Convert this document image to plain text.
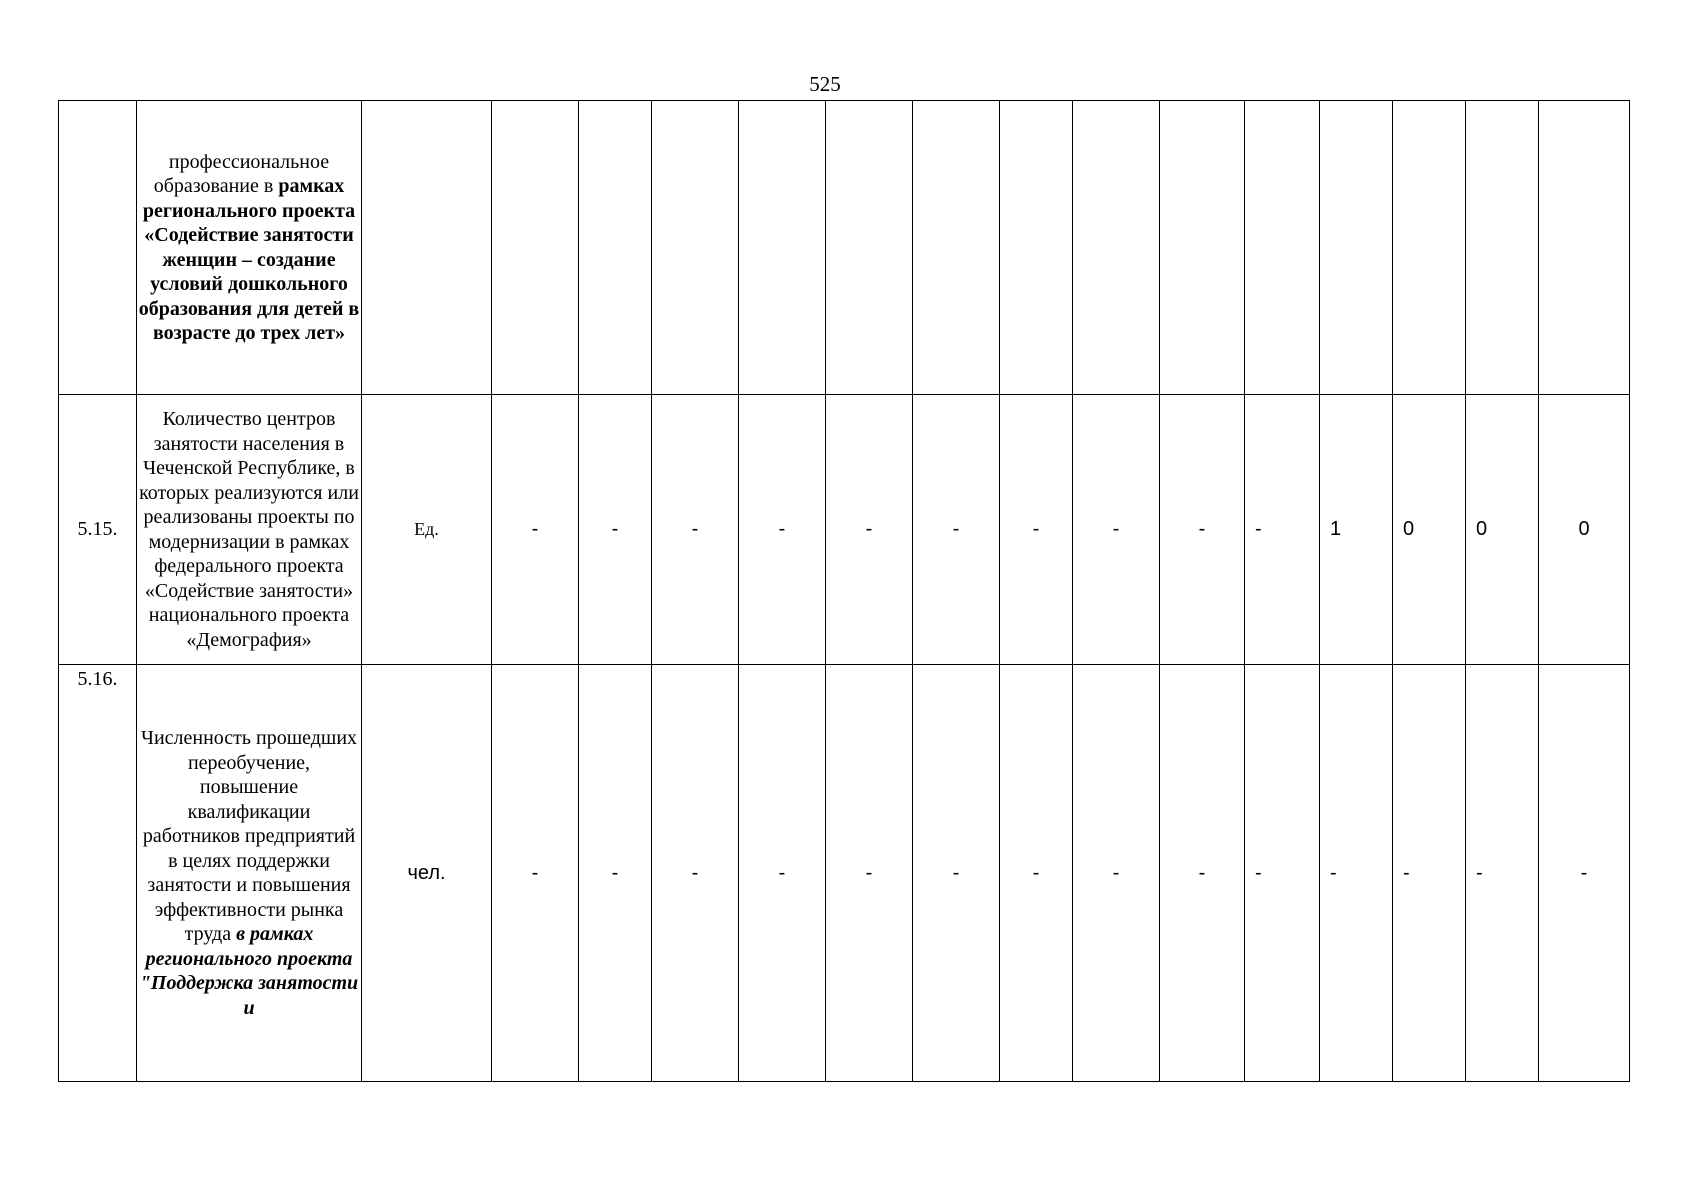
525
	профессиональное образование в рамках регионального проекта «Содействие занятости женщин – создание условий дошкольного образования для детей в возрасте до трех лет»															
5.15.	Количество центров занятости населения в Чеченской Республике, в которых реализуются или реализованы проекты по модернизации в рамках федерального проекта «Содействие занятости» национального проекта «Демография»	Ед.	-	-	-	-	-	-	-	-	-	-	1	0	0	0
5.16.	Численность прошедших переобучение, повышение квалификации работников предприятий в целях поддержки занятости и повышения эффективности рынка труда в рамках регионального проекта "Поддержка занятости и	чел.	-	-	-	-	-	-	-	-	-	-	-	-	-	-
